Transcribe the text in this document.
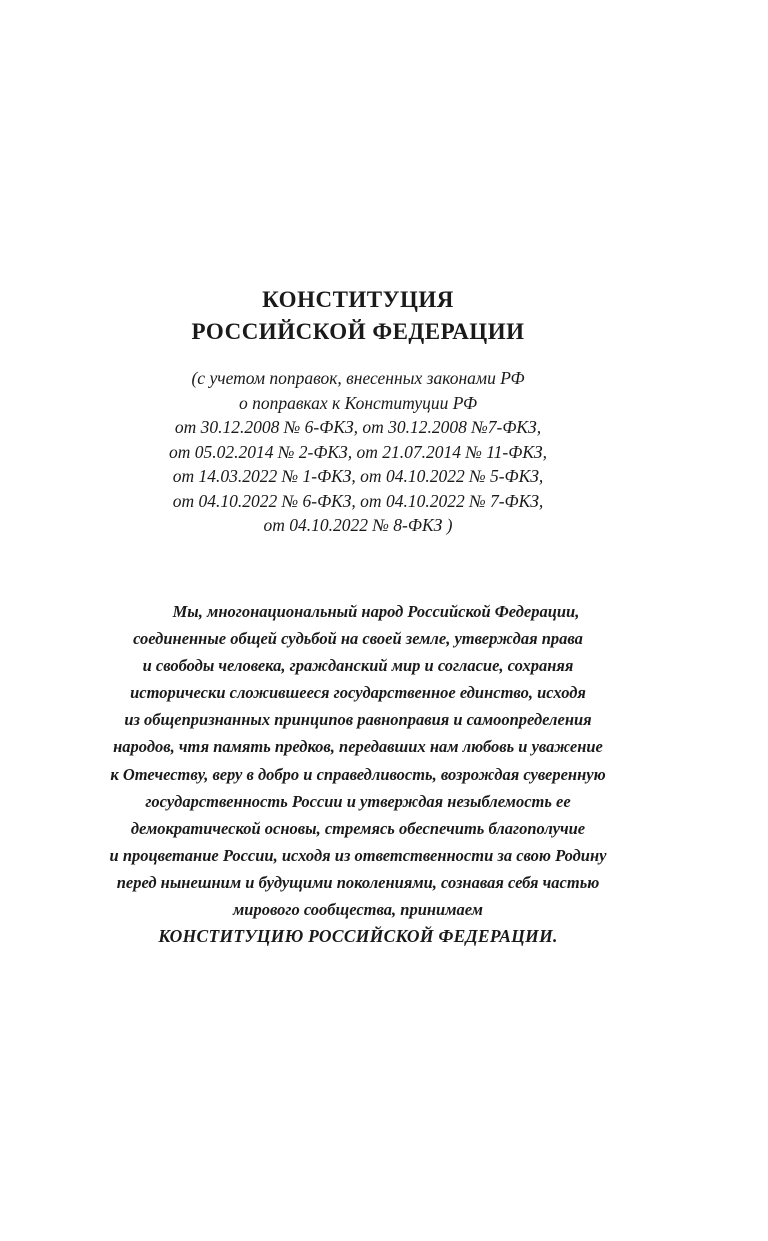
КОНСТИТУЦИЯ
РОССИЙСКОЙ ФЕДЕРАЦИИ
(с учетом поправок, внесенных законами РФ
о поправках к Конституции РФ
от 30.12.2008 № 6-ФКЗ, от 30.12.2008 №7-ФКЗ,
от 05.02.2014 № 2-ФКЗ, от 21.07.2014 № 11-ФКЗ,
от 14.03.2022 № 1-ФКЗ, от 04.10.2022 № 5-ФКЗ,
от 04.10.2022 № 6-ФКЗ, от 04.10.2022 № 7-ФКЗ,
от 04.10.2022 № 8-ФКЗ )
Мы, многонациональный народ Российской Федерации,
соединенные общей судьбой на своей земле, утверждая права
и свободы человека, гражданский мир и согласие, сохраняя
исторически сложившееся государственное единство, исходя
из общепризнанных принципов равноправия и самоопределения
народов, чтя память предков, передавших нам любовь и уважение
к Отечеству, веру в добро и справедливость, возрождая суверенную
государственность России и утверждая незыблемость ее
демократической основы, стремясь обеспечить благополучие
и процветание России, исходя из ответственности за свою Родину
перед нынешним и будущими поколениями, сознавая себя частью
мирового сообщества, принимаем
КОНСТИТУЦИЮ РОССИЙСКОЙ ФЕДЕРАЦИИ.
